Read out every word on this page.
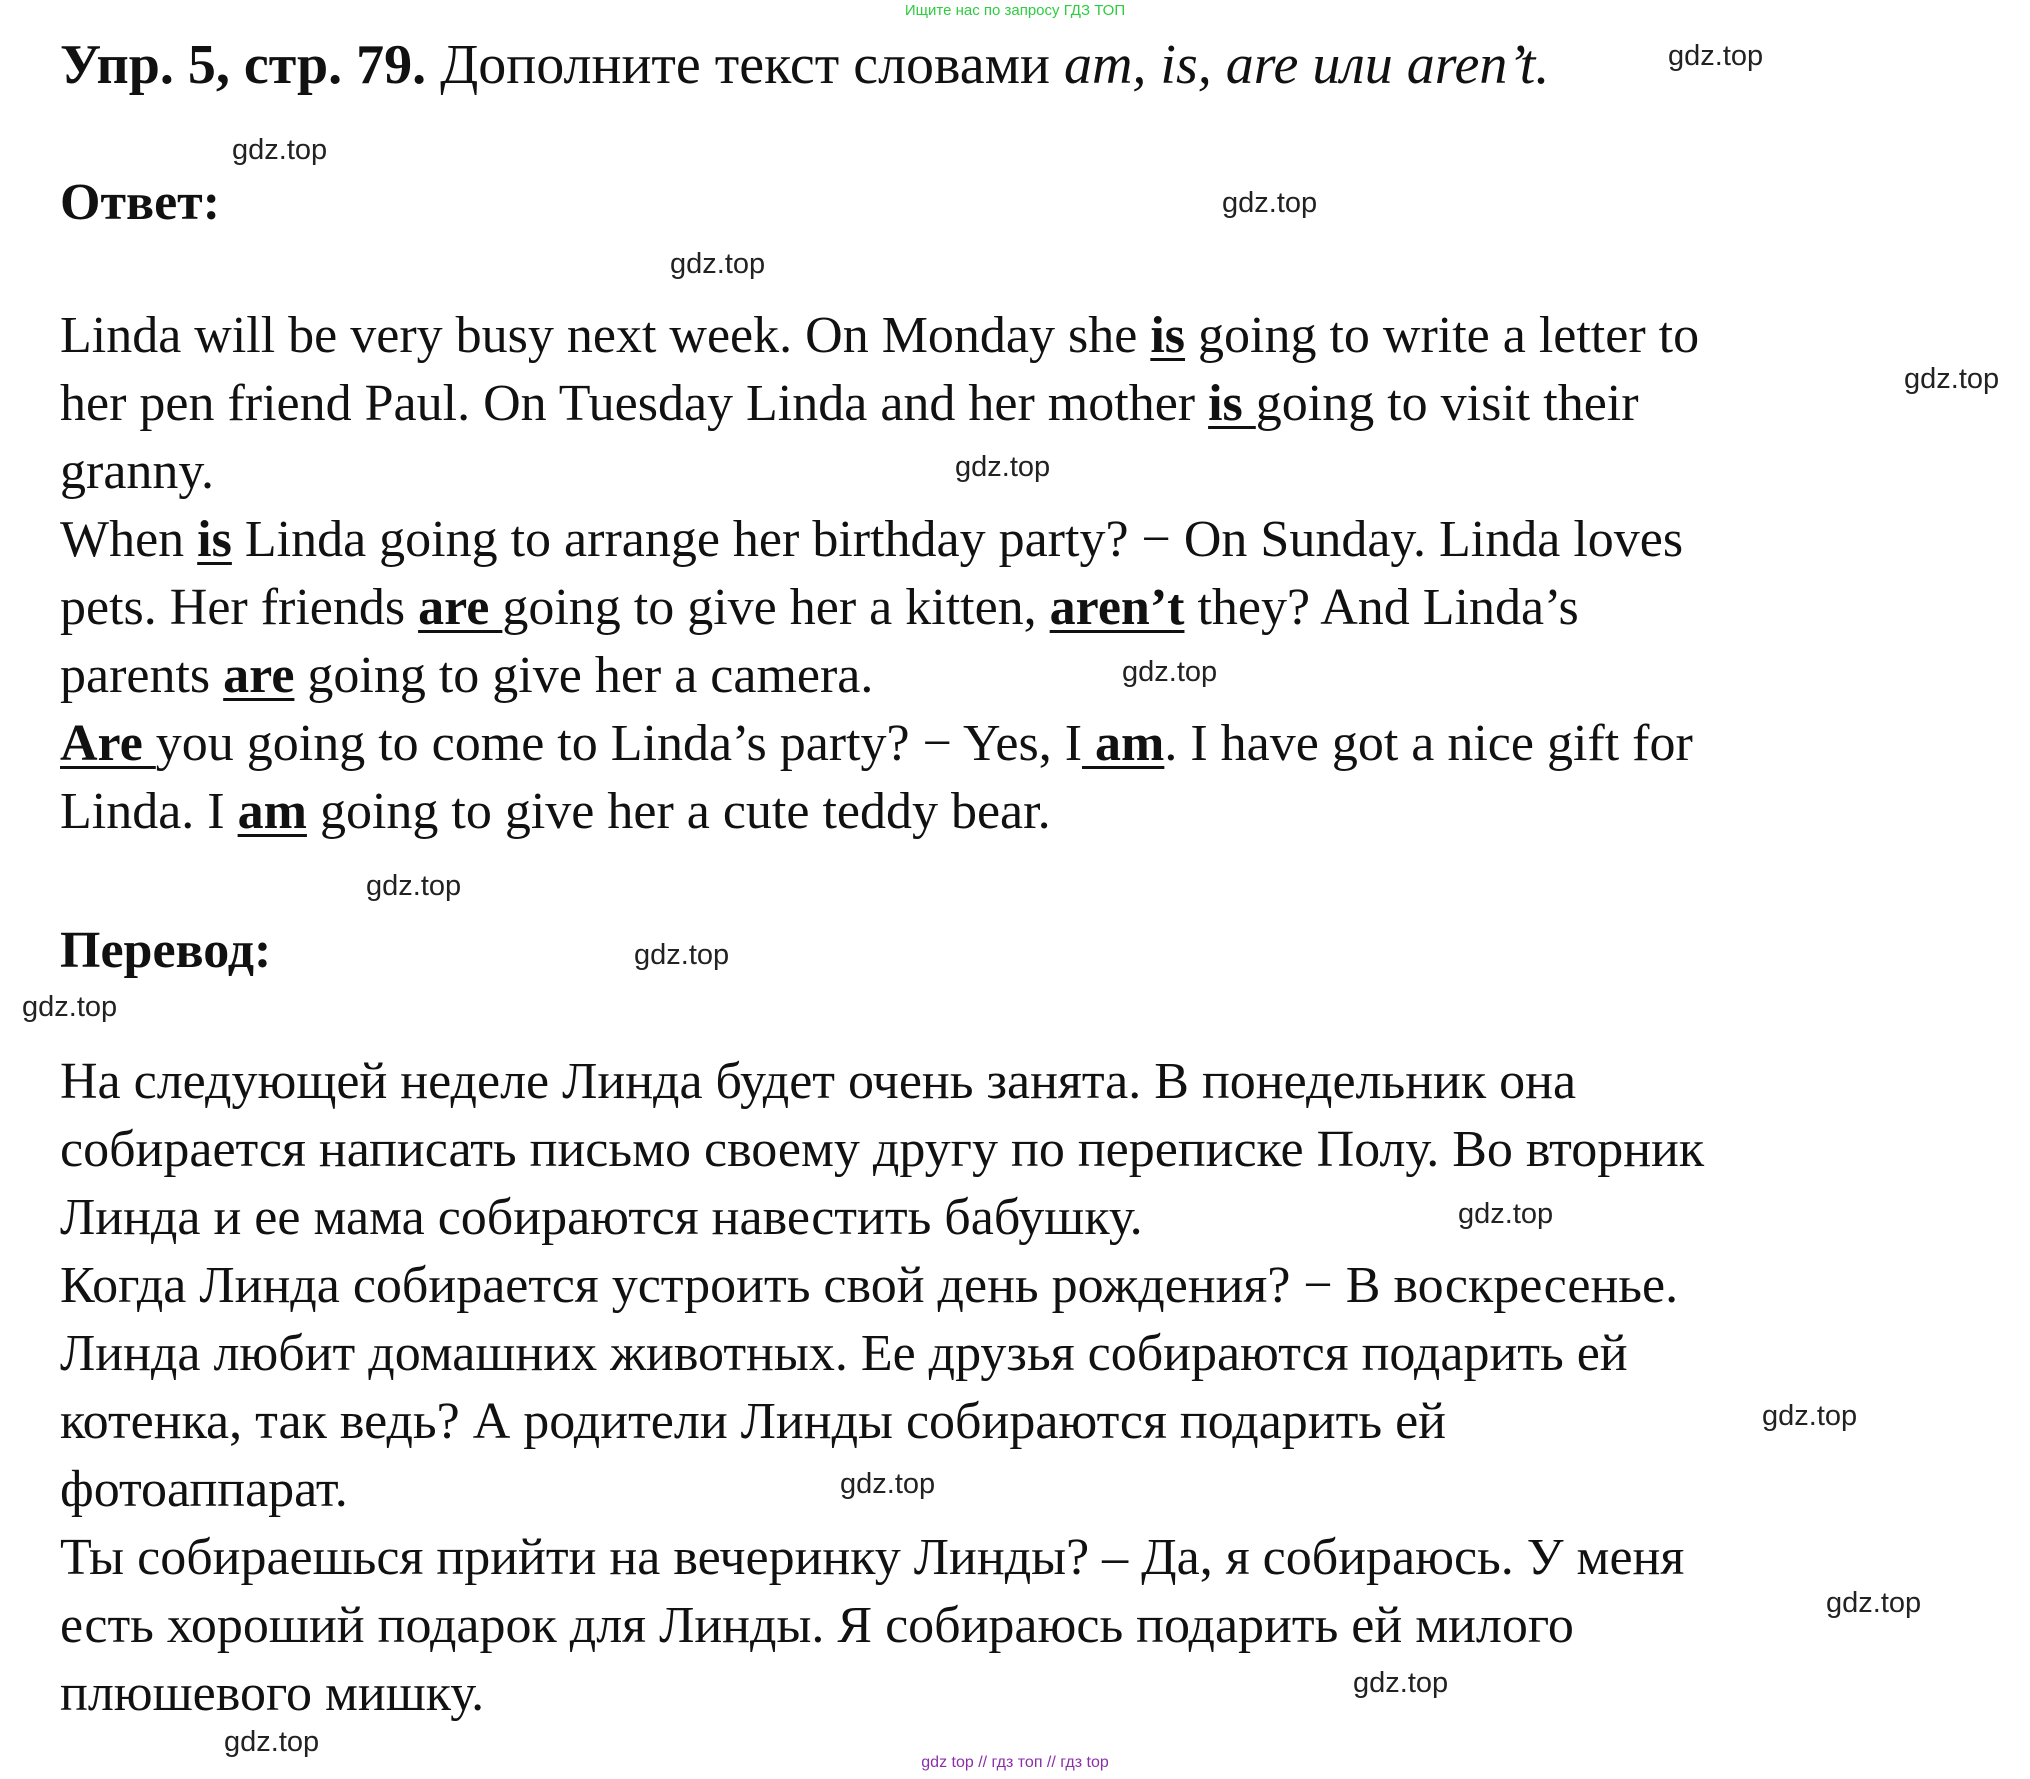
Ищите нас по запросу ГДЗ ТОП
Упр. 5, стр. 79. Дополните текст словами am, is, are или aren’t.
Ответ:

Linda will be very busy next week. On Monday she is going to write a letter to

her pen friend Paul. On Tuesday Linda and her mother is going to visit their

granny.

When is Linda going to arrange her birthday party? − On Sunday. Linda loves

pets. Her friends are going to give her a kitten, aren’t they? And Linda’s

parents are going to give her a camera.

Are you going to come to Linda’s party? − Yes, I am. I have got a nice gift for

Linda. I am going to give her a cute teddy bear.

Перевод:

На следующей неделе Линда будет очень занята. В понедельник она

собирается написать письмо своему другу по переписке Полу. Во вторник

Линда и ее мама собираются навестить бабушку.

Когда Линда собирается устроить свой день рождения? − В воскресенье.

Линда любит домашних животных. Ее друзья собираются подарить ей

котенка, так ведь? А родители Линды собираются подарить ей

фотоаппарат.

Ты собираешься прийти на вечеринку Линды? – Да, я собираюсь. У меня

есть хороший подарок для Линды. Я собираюсь подарить ей милого

плюшевого мишку.

gdz.top
gdz.top
gdz.top
gdz.top
gdz.top
gdz.top
gdz.top
gdz.top
gdz.top
gdz.top
gdz.top
gdz.top
gdz.top
gdz.top
gdz.top
gdz.top
gdz top // гдз топ // гдз top
